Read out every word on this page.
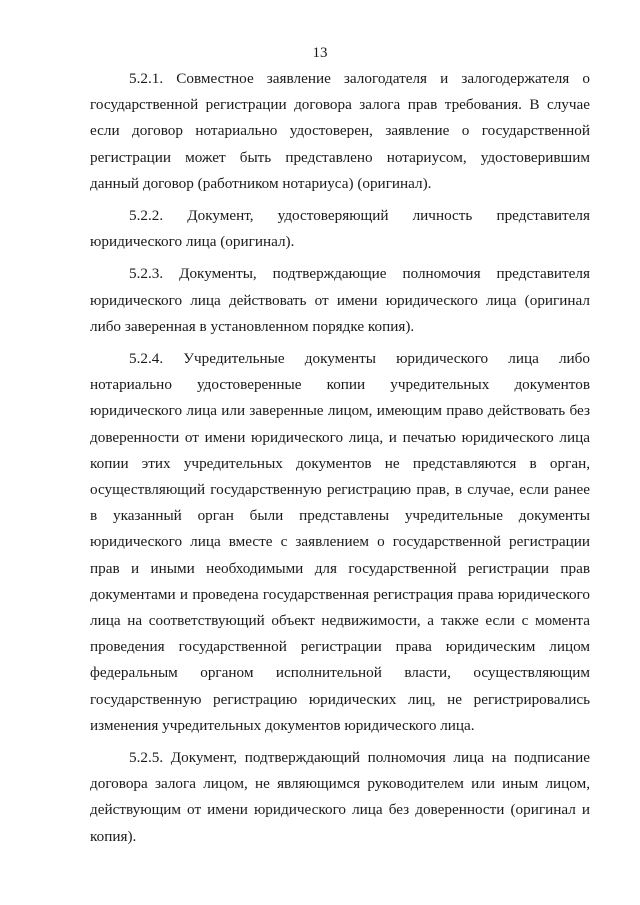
13

5.2.1. Совместное заявление залогодателя и залогодержателя о государственной регистрации договора залога прав требования. В случае если договор нотариально удостоверен, заявление о государственной регистрации может быть представлено нотариусом, удостоверившим данный договор (работником нотариуса) (оригинал).

5.2.2. Документ, удостоверяющий личность представителя юридического лица (оригинал).

5.2.3. Документы, подтверждающие полномочия представителя юридического лица действовать от имени юридического лица (оригинал либо заверенная в установленном порядке копия).

5.2.4. Учредительные документы юридического лица либо нотариально удостоверенные копии учредительных документов юридического лица или заверенные лицом, имеющим право действовать без доверенности от имени юридического лица, и печатью юридического лица копии этих учредительных документов не представляются в орган, осуществляющий государственную регистрацию прав, в случае, если ранее в указанный орган были представлены учредительные документы юридического лица вместе с заявлением о государственной регистрации прав и иными необходимыми для государственной регистрации прав документами и проведена государственная регистрация права юридического лица на соответствующий объект недвижимости, а также если с момента проведения государственной регистрации права юридическим лицом федеральным органом исполнительной власти, осуществляющим государственную регистрацию юридических лиц, не регистрировались изменения учредительных документов юридического лица.

5.2.5. Документ, подтверждающий полномочия лица на подписание договора залога лицом, не являющимся руководителем или иным лицом, действующим от имени юридического лица без доверенности (оригинал и копия).
